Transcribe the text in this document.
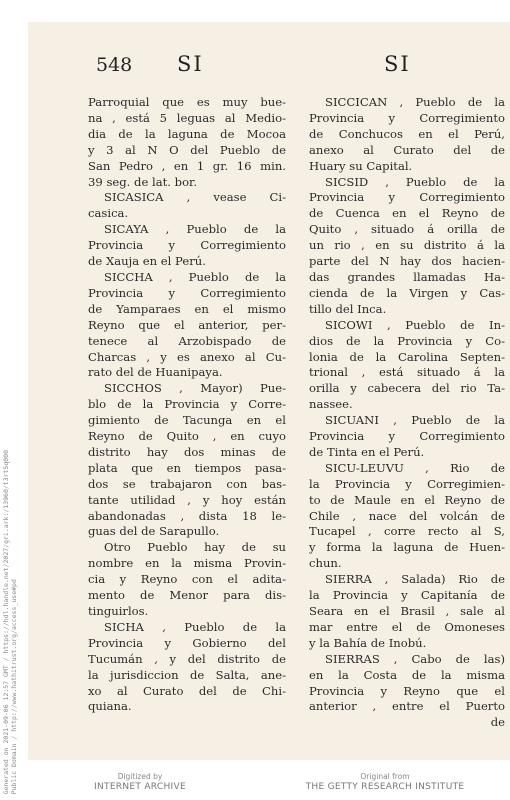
548 SI	SI
Parroquial que es muy bue-
na , está 5 leguas al Medio-
dia de la laguna de Mocoa
y 3 al N O del Pueblo de
San Pedro , en 1 gr. 16 min.
39 seg. de lat. bor.
SICASICA , vease Ci-
casica.
SICAYA , Pueblo de la
Provincia y Corregimiento
de Xauja en el Perú.
SICCHA , Pueblo de la
Provincia y Corregimiento
de Yamparaes en el mismo
Reyno que el anterior, per-
tenece al Arzobispado de
Charcas , y es anexo al Cu-
rato del de Huanipaya.
SICCHOS , Mayor) Pue-
blo de la Provincia y Corre-
gimiento de Tacunga en el
Reyno de Quito , en cuyo
distrito hay dos minas de
plata que en tiempos pasa-
dos se trabajaron con bas-
tante utilidad , y hoy están
abandonadas , dista 18 le-
guas del de Sarapullo.
Otro Pueblo hay de su
nombre en la misma Provin-
cia y Reyno con el adita-
mento de Menor para dis-
tinguirlos.
SICHA , Pueblo de la
Provincia y Gobierno del
Tucumán , y del distrito de
la jurisdiccion de Salta, ane-
xo al Curato del de Chi-
quiana.
SICCICAN , Pueblo de la
Provincia y Corregimiento
de Conchucos en el Perú,
anexo al Curato del de
Huary su Capital.
SICSID , Pueblo de la
Provincia y Corregimiento
de Cuenca en el Reyno de
Quito , situado á orilla de
un rio , en su distrito á la
parte del N hay dos hacien-
das grandes llamadas Ha-
cienda de la Virgen y Cas-
tillo del Inca.
SICOWI , Pueblo de In-
dios de la Provincia y Co-
lonia de la Carolina Septen-
trional , está situado á la
orilla y cabecera del rio Ta-
nassee.
SICUANI , Pueblo de la
Provincia y Corregimiento
de Tinta en el Perú.
SICU-LEUVU , Rio de
la Provincia y Corregimien-
to de Maule en el Reyno de
Chile , nace del volcán de
Tucapel , corre recto al S,
y forma la laguna de Huen-
chun.
SIERRA , Salada) Rio de
la Provincia y Capitanía de
Seara en el Brasil , sale al
mar entre el de Omoneses
y la Bahía de Inobú.
SIERRAS , Cabo de las)
en la Costa de la misma
Provincia y Reyno que el
anterior , entre el Puerto
de
Generated on 2021-09-06 12:57 GMT / https://hdl.handle.net/2027/gri.ark:/13960/t3rt5q000 Public Domain / http://www.hathitrust.org/access_use#pd	Digitized by
INTERNET ARCHIVE
Original from
THE GETTY RESEARCH INSTITUTE
